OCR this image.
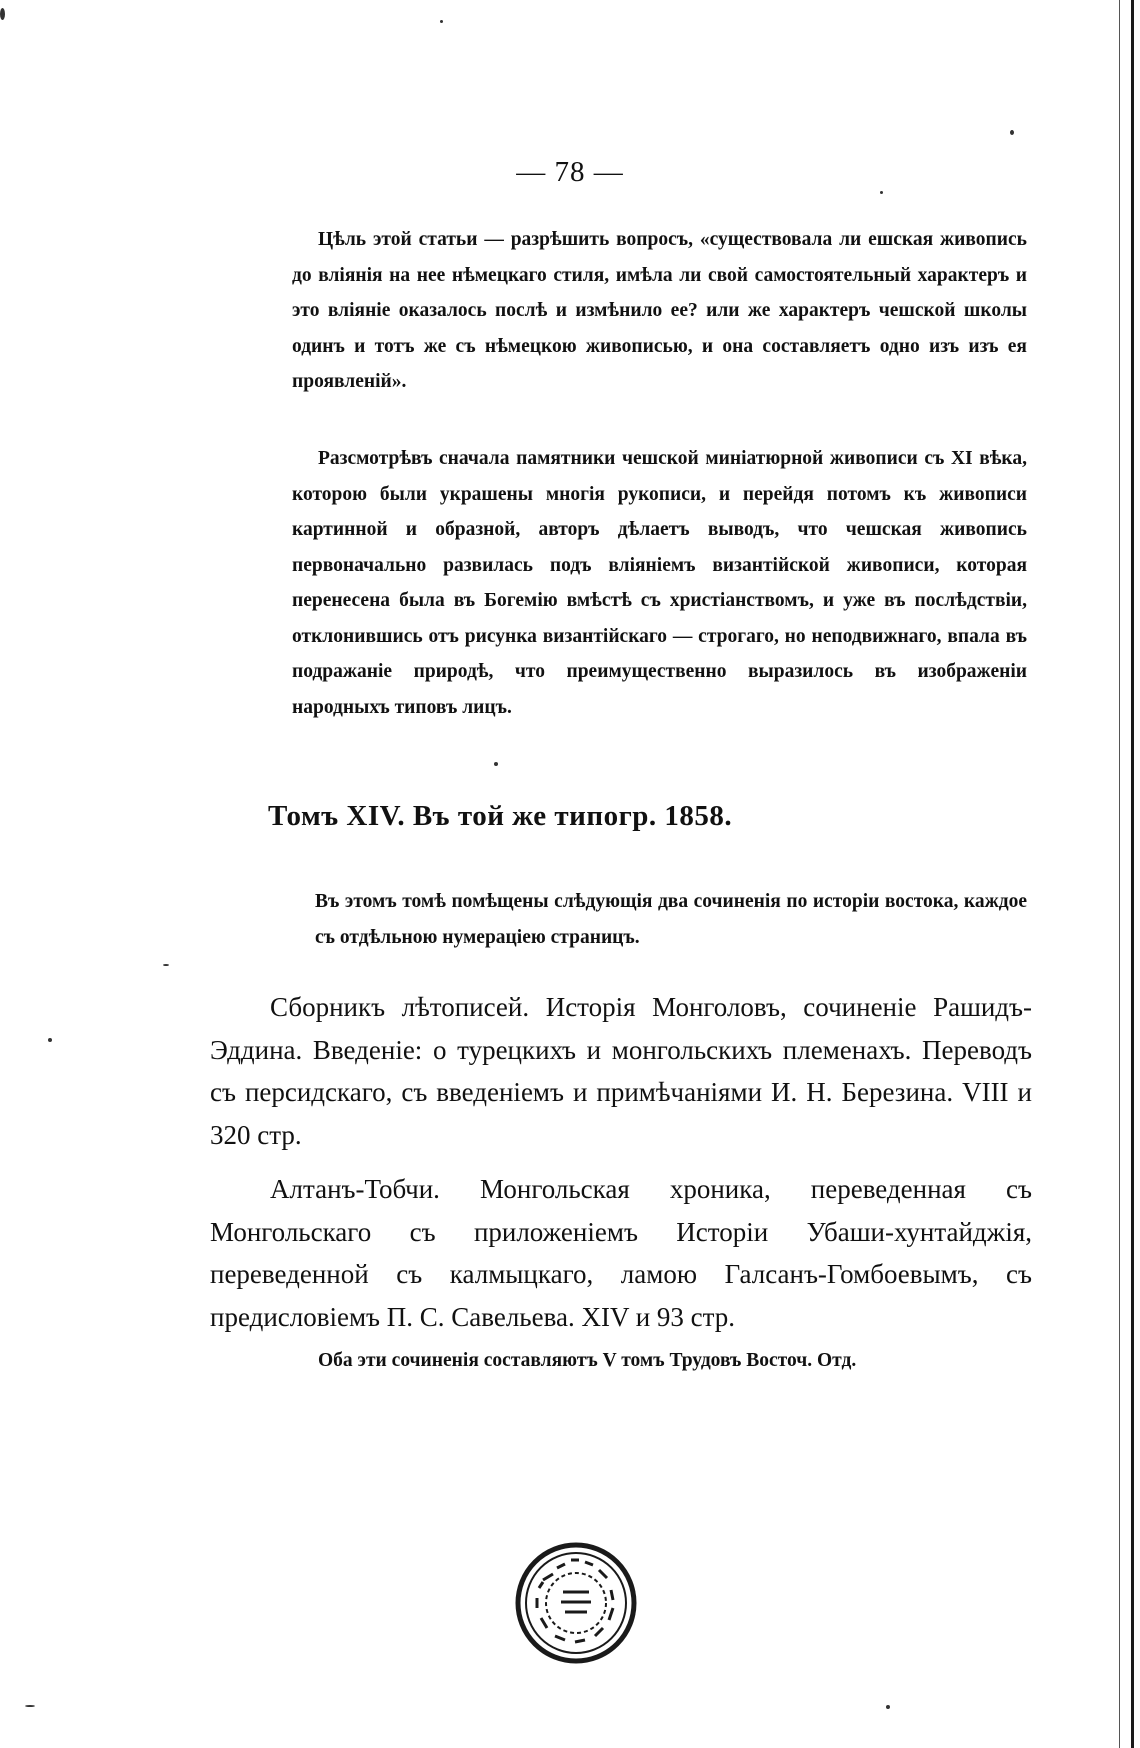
— 78 —

Цѣль этой статьи — разрѣшить вопросъ, «существовала ли ешская живопись до вліянія на нее нѣмецкаго стиля, имѣла ли свой самостоятельный характеръ и это вліяніе оказалось послѣ и измѣнило ее? или же характеръ чешской школы одинъ и тотъ же съ нѣмецкою живописью, и она составляетъ одно изъ изъ ея проявленій».

Разсмотрѣвъ сначала памятники чешской миніатюрной живописи съ XI вѣка, которою были украшены многія рукописи, и перейдя потомъ къ живописи картинной и образной, авторъ дѣлаетъ выводъ, что чешская живопись первоначально развилась подъ вліяніемъ византійской живописи, которая перенесена была въ Богемію вмѣстѣ съ христіанствомъ, и уже въ послѣдствіи, отклонившись отъ рисунка византійскаго — строгаго, но неподвижнаго, впала въ подражаніе природѣ, что преимущественно выразилось въ изображеніи народныхъ типовъ лицъ.

Томъ XIV. Въ той же типогр. 1858.

Въ этомъ томѣ помѣщены слѣдующія два сочиненія по исторіи востока, каждое съ отдѣльною нумераціею страницъ.

Сборникъ лѣтописей. Исторія Монголовъ, сочиненіе Рашидъ-Эддина. Введеніе: о турецкихъ и монгольскихъ племенахъ. Переводъ съ персидскаго, съ введеніемъ и примѣчаніями И. Н. Березина. VIII и 320 стр.

Алтанъ-Тобчи. Монгольская хроника, переведенная съ Монгольскаго съ приложеніемъ Исторіи Убаши-хунтайджія, переведенной съ калмыцкаго, ламою Галсанъ-Гомбоевымъ, съ предисловіемъ П. С. Савельева. XIV и 93 стр.

Оба эти сочиненія составляютъ V томъ Трудовъ Восточ. Отд.
